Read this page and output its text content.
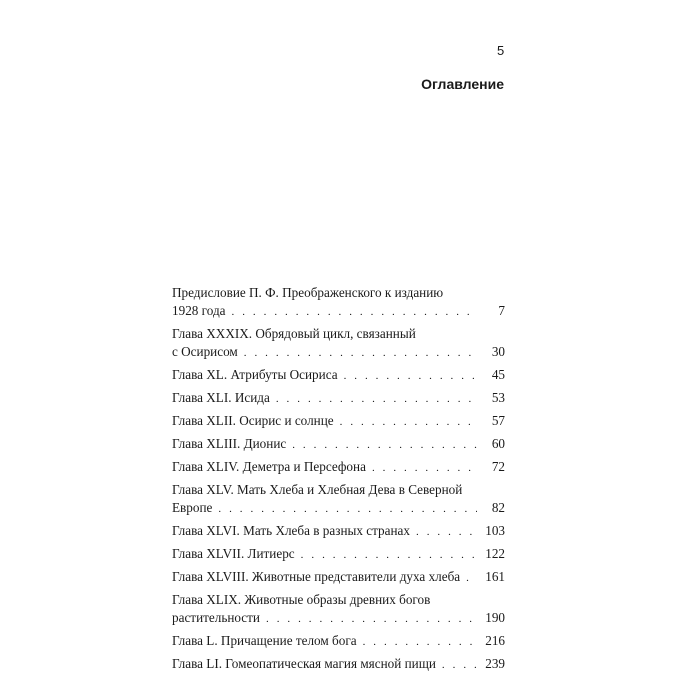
5
Оглавление
Предисловие П. Ф. Преображенского к изданию
1928 года . . .	7
Глава XXXIX. Обрядовый цикл, связанный
с Осирисом . . .	30
Глава XL. Атрибуты Осириса . . .	45
Глава XLI. Исида . . .	53
Глава XLII. Осирис и солнце . . .	57
Глава XLIII. Дионис . . .	60
Глава XLIV. Деметра и Персефона . . .	72
Глава XLV. Мать Хлеба и Хлебная Дева в Северной
Европе . . .	82
Глава XLVI. Мать Хлеба в разных странах . . .	103
Глава XLVII. Литиерс . . .	122
Глава XLVIII. Животные представители духа хлеба . . . 161
Глава XLIX. Животные образы древних богов
растительности . . .	190
Глава L. Причащение телом бога . . .	216
Глава LI. Гомеопатическая магия мясной пищи . . .	239
